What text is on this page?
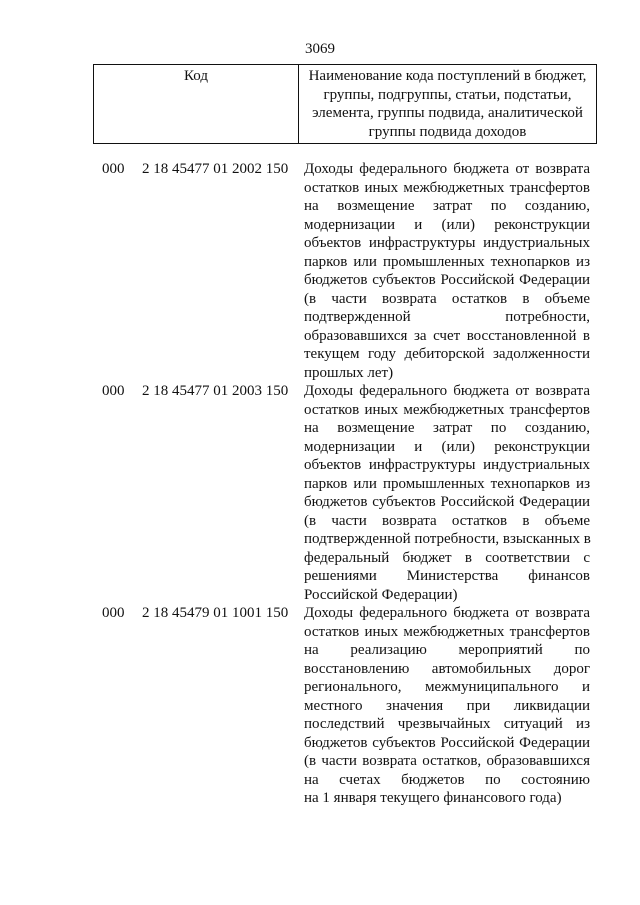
3069
Код	Наименование кода поступлений в бюджет,
группы, подгруппы, статьи, подстатьи,
элемента, группы подвида, аналитической
группы подвида доходов
000	2 18 45477 01 2002 150	Доходы федерального бюджета от возврата
остатков иных межбюджетных трансфертов
на возмещение затрат по созданию,
модернизации и (или) реконструкции
объектов инфраструктуры индустриальных
парков или промышленных технопарков из
бюджетов субъектов Российской Федерации
(в части возврата остатков в объеме
подтвержденной потребности,
образовавшихся за счет восстановленной в
текущем году дебиторской задолженности
прошлых лет)
000	2 18 45477 01 2003 150	Доходы федерального бюджета от возврата
остатков иных межбюджетных трансфертов
на возмещение затрат по созданию,
модернизации и (или) реконструкции
объектов инфраструктуры индустриальных
парков или промышленных технопарков из
бюджетов субъектов Российской Федерации
(в части возврата остатков в объеме
подтвержденной потребности, взысканных в
федеральный бюджет в соответствии с
решениями Министерства финансов
Российской Федерации)
000	2 18 45479 01 1001 150	Доходы федерального бюджета от возврата
остатков иных межбюджетных трансфертов
на реализацию мероприятий по
восстановлению автомобильных дорог
регионального, межмуниципального и
местного значения при ликвидации
последствий чрезвычайных ситуаций из
бюджетов субъектов Российской Федерации
(в части возврата остатков, образовавшихся
на счетах бюджетов по состоянию
на 1 января текущего финансового года)
